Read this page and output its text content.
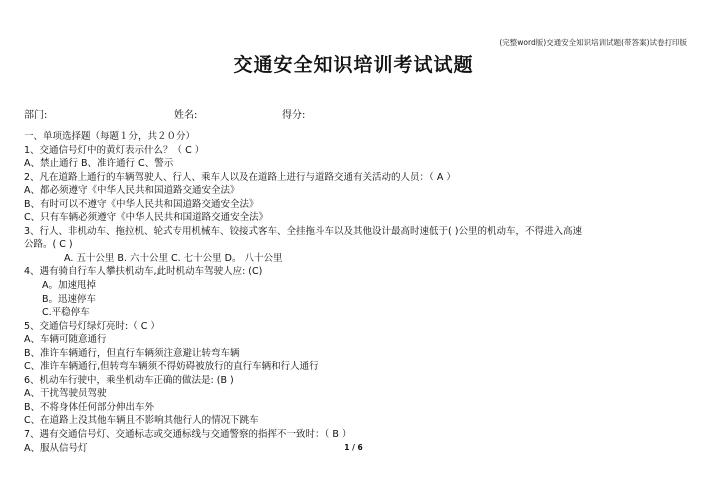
(完整word版)交通安全知识培训试题(带答案)试卷打印版
交通安全知识培训考试试题
部门:	姓名:	得分:
一、单项选择题（每题１分，共２０分）
1、交通信号灯中的黄灯表示什么？（ C ）
A、禁止通行 B、准许通行 C、警示
2、凡在道路上通行的车辆驾驶人、行人、乘车人以及在道路上进行与道路交通有关活动的人员：（ A ）
A、都必须遵守《中华人民共和国道路交通安全法》
B、有时可以不遵守《中华人民共和国道路交通安全法》
C、只有车辆必须遵守《中华人民共和国道路交通安全法》
3、行人、非机动车、拖拉机、轮式专用机械车、铰接式客车、全挂拖斗车以及其他设计最高时速低于( )公里的机动车，不得进入高速
公路。( C )
A. 五十公里 B. 六十公里 C. 七十公里 D。 八十公里
4、遇有骑自行车人攀扶机动车,此时机动车驾驶人应: (C)
A。加速甩掉
B。迅速停车
C.平稳停车
5、交通信号灯绿灯亮时:（ C ）
A、车辆可随意通行
B、准许车辆通行，但直行车辆须注意避让转弯车辆
C、准许车辆通行,但转弯车辆须不得妨碍被放行的直行车辆和行人通行
6、机动车行驶中，乘坐机动车正确的做法是: (B )
A、干扰驾驶员驾驶
B、不将身体任何部分伸出车外
C、在道路上没其他车辆且不影响其他行人的情况下跳车
7、遇有交通信号灯、交通标志或交通标线与交通警察的指挥不一致时：（ B ）
A、服从信号灯	1 / 6
